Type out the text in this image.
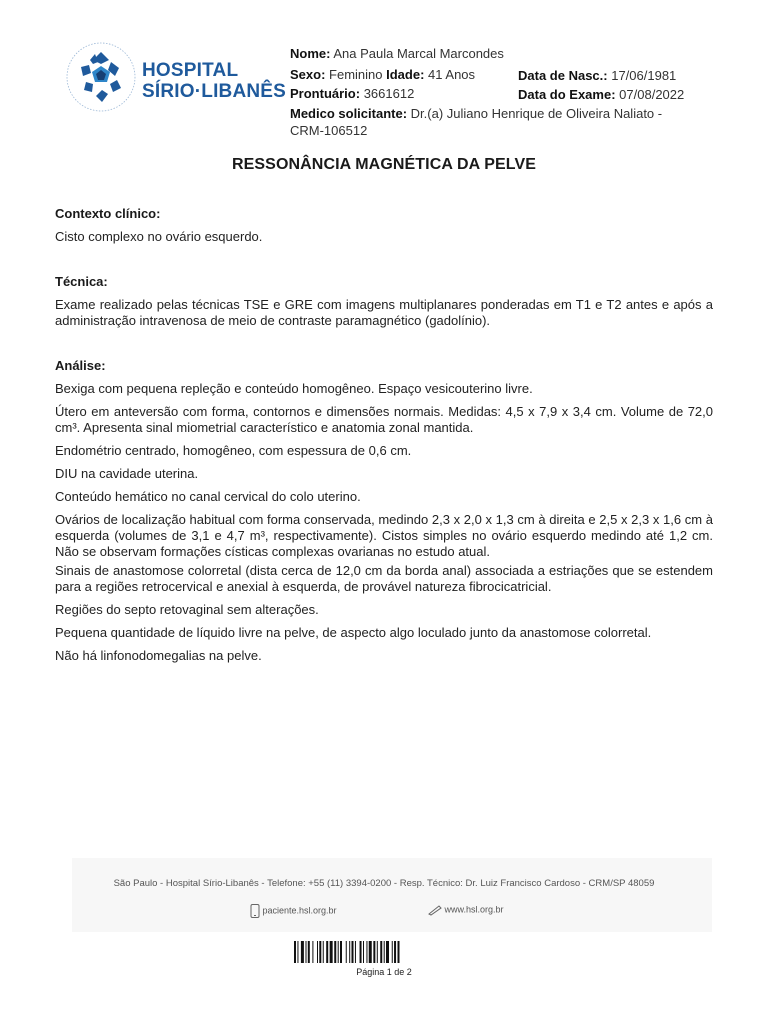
HOSPITAL
SÍRIO·LIBANÊS
Nome: Ana Paula Marcal Marcondes
Sexo: Feminino Idade: 41 Anos	Data de Nasc.: 17/06/1981
Prontuário: 3661612	Data do Exame: 07/08/2022
Medico solicitante: Dr.(a) Juliano Henrique de Oliveira Naliato -
CRM-106512
RESSONÂNCIA MAGNÉTICA DA PELVE

Contexto clínico:

Cisto complexo no ovário esquerdo.

Técnica:

Exame realizado pelas técnicas TSE e GRE com imagens multiplanares ponderadas em T1 e T2 antes e após a administração intravenosa de meio de contraste paramagnético (gadolínio).

Análise:

Bexiga com pequena repleção e conteúdo homogêneo. Espaço vesicouterino livre.

Útero em anteversão com forma, contornos e dimensões normais. Medidas: 4,5 x 7,9 x 3,4 cm. Volume de 72,0 cm³. Apresenta sinal miometrial característico e anatomia zonal mantida.

Endométrio centrado, homogêneo, com espessura de 0,6 cm.

DIU na cavidade uterina.

Conteúdo hemático no canal cervical do colo uterino.

Ovários de localização habitual com forma conservada, medindo 2,3 x 2,0 x 1,3 cm à direita e 2,5 x 2,3 x 1,6 cm à esquerda (volumes de 3,1 e 4,7 m³, respectivamente). Cistos simples no ovário esquerdo medindo até 1,2 cm. Não se observam formações císticas complexas ovarianas no estudo atual.

Sinais de anastomose colorretal (dista cerca de 12,0 cm da borda anal) associada a estriações que se estendem para a regiões retrocervical e anexial à esquerda, de provável natureza fibrocicatricial.

Regiões do septo retovaginal sem alterações.

Pequena quantidade de líquido livre na pelve, de aspecto algo loculado junto da anastomose colorretal.

Não há linfonodomegalias na pelve.

São Paulo - Hospital Sírio-Libanês - Telefone: +55 (11) 3394-0200 - Resp. Técnico: Dr. Luiz Francisco Cardoso - CRM/SP 48059
paciente.hsl.org.br	www.hsl.org.br
Página 1 de 2
